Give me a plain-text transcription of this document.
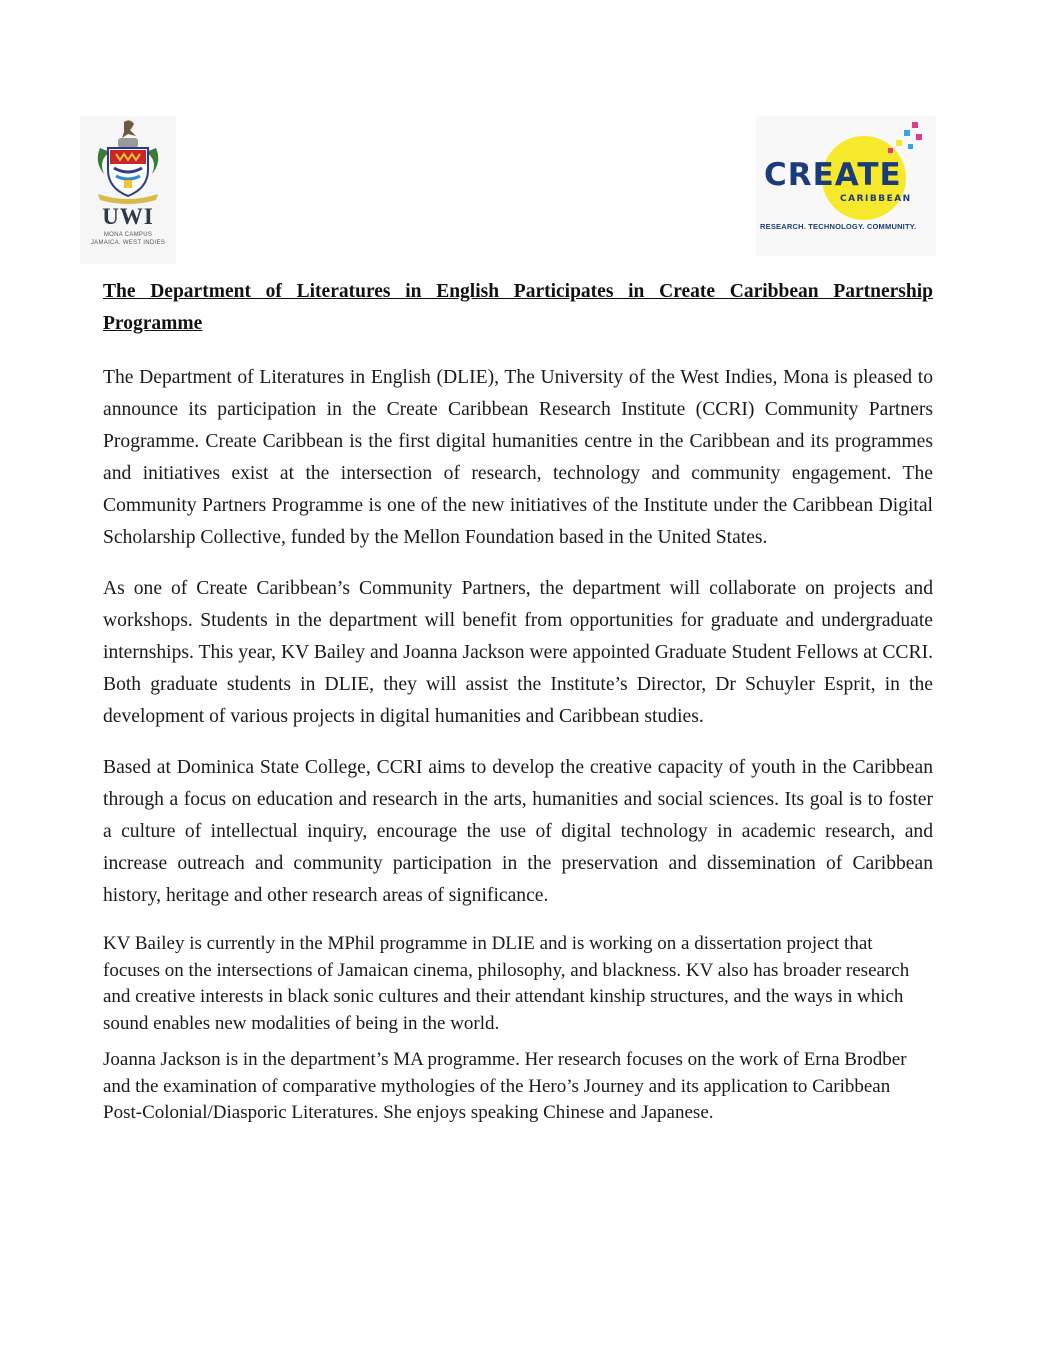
UWI
MONA CAMPUS
JAMAICA, WEST INDIES
CREATE
CARIBBEAN
RESEARCH. TECHNOLOGY. COMMUNITY.
The Department of Literatures in English Participates in Create Caribbean Partnership Programme

The Department of Literatures in English (DLIE), The University of the West Indies, Mona is pleased to announce its participation in the Create Caribbean Research Institute (CCRI) Community Partners Programme. Create Caribbean is the first digital humanities centre in the Caribbean and its programmes and initiatives exist at the intersection of research, technology and community engagement. The Community Partners Programme is one of the new initiatives of the Institute under the Caribbean Digital Scholarship Collective, funded by the Mellon Foundation based in the United States.

As one of Create Caribbean’s Community Partners, the department will collaborate on projects and workshops. Students in the department will benefit from opportunities for graduate and undergraduate internships. This year, KV Bailey and Joanna Jackson were appointed Graduate Student Fellows at CCRI. Both graduate students in DLIE, they will assist the Institute’s Director, Dr Schuyler Esprit, in the development of various projects in digital humanities and Caribbean studies.

Based at Dominica State College, CCRI aims to develop the creative capacity of youth in the Caribbean through a focus on education and research in the arts, humanities and social sciences. Its goal is to foster a culture of intellectual inquiry, encourage the use of digital technology in academic research, and increase outreach and community participation in the preservation and dissemination of Caribbean history, heritage and other research areas of significance.

KV Bailey is currently in the MPhil programme in DLIE and is working on a dissertation project that focuses on the intersections of Jamaican cinema, philosophy, and blackness. KV also has broader research and creative interests in black sonic cultures and their attendant kinship structures, and the ways in which sound enables new modalities of being in the world.

Joanna Jackson is in the department’s MA programme. Her research focuses on the work of Erna Brodber and the examination of comparative mythologies of the Hero’s Journey and its application to Caribbean Post-Colonial/Diasporic Literatures. She enjoys speaking Chinese and Japanese.
